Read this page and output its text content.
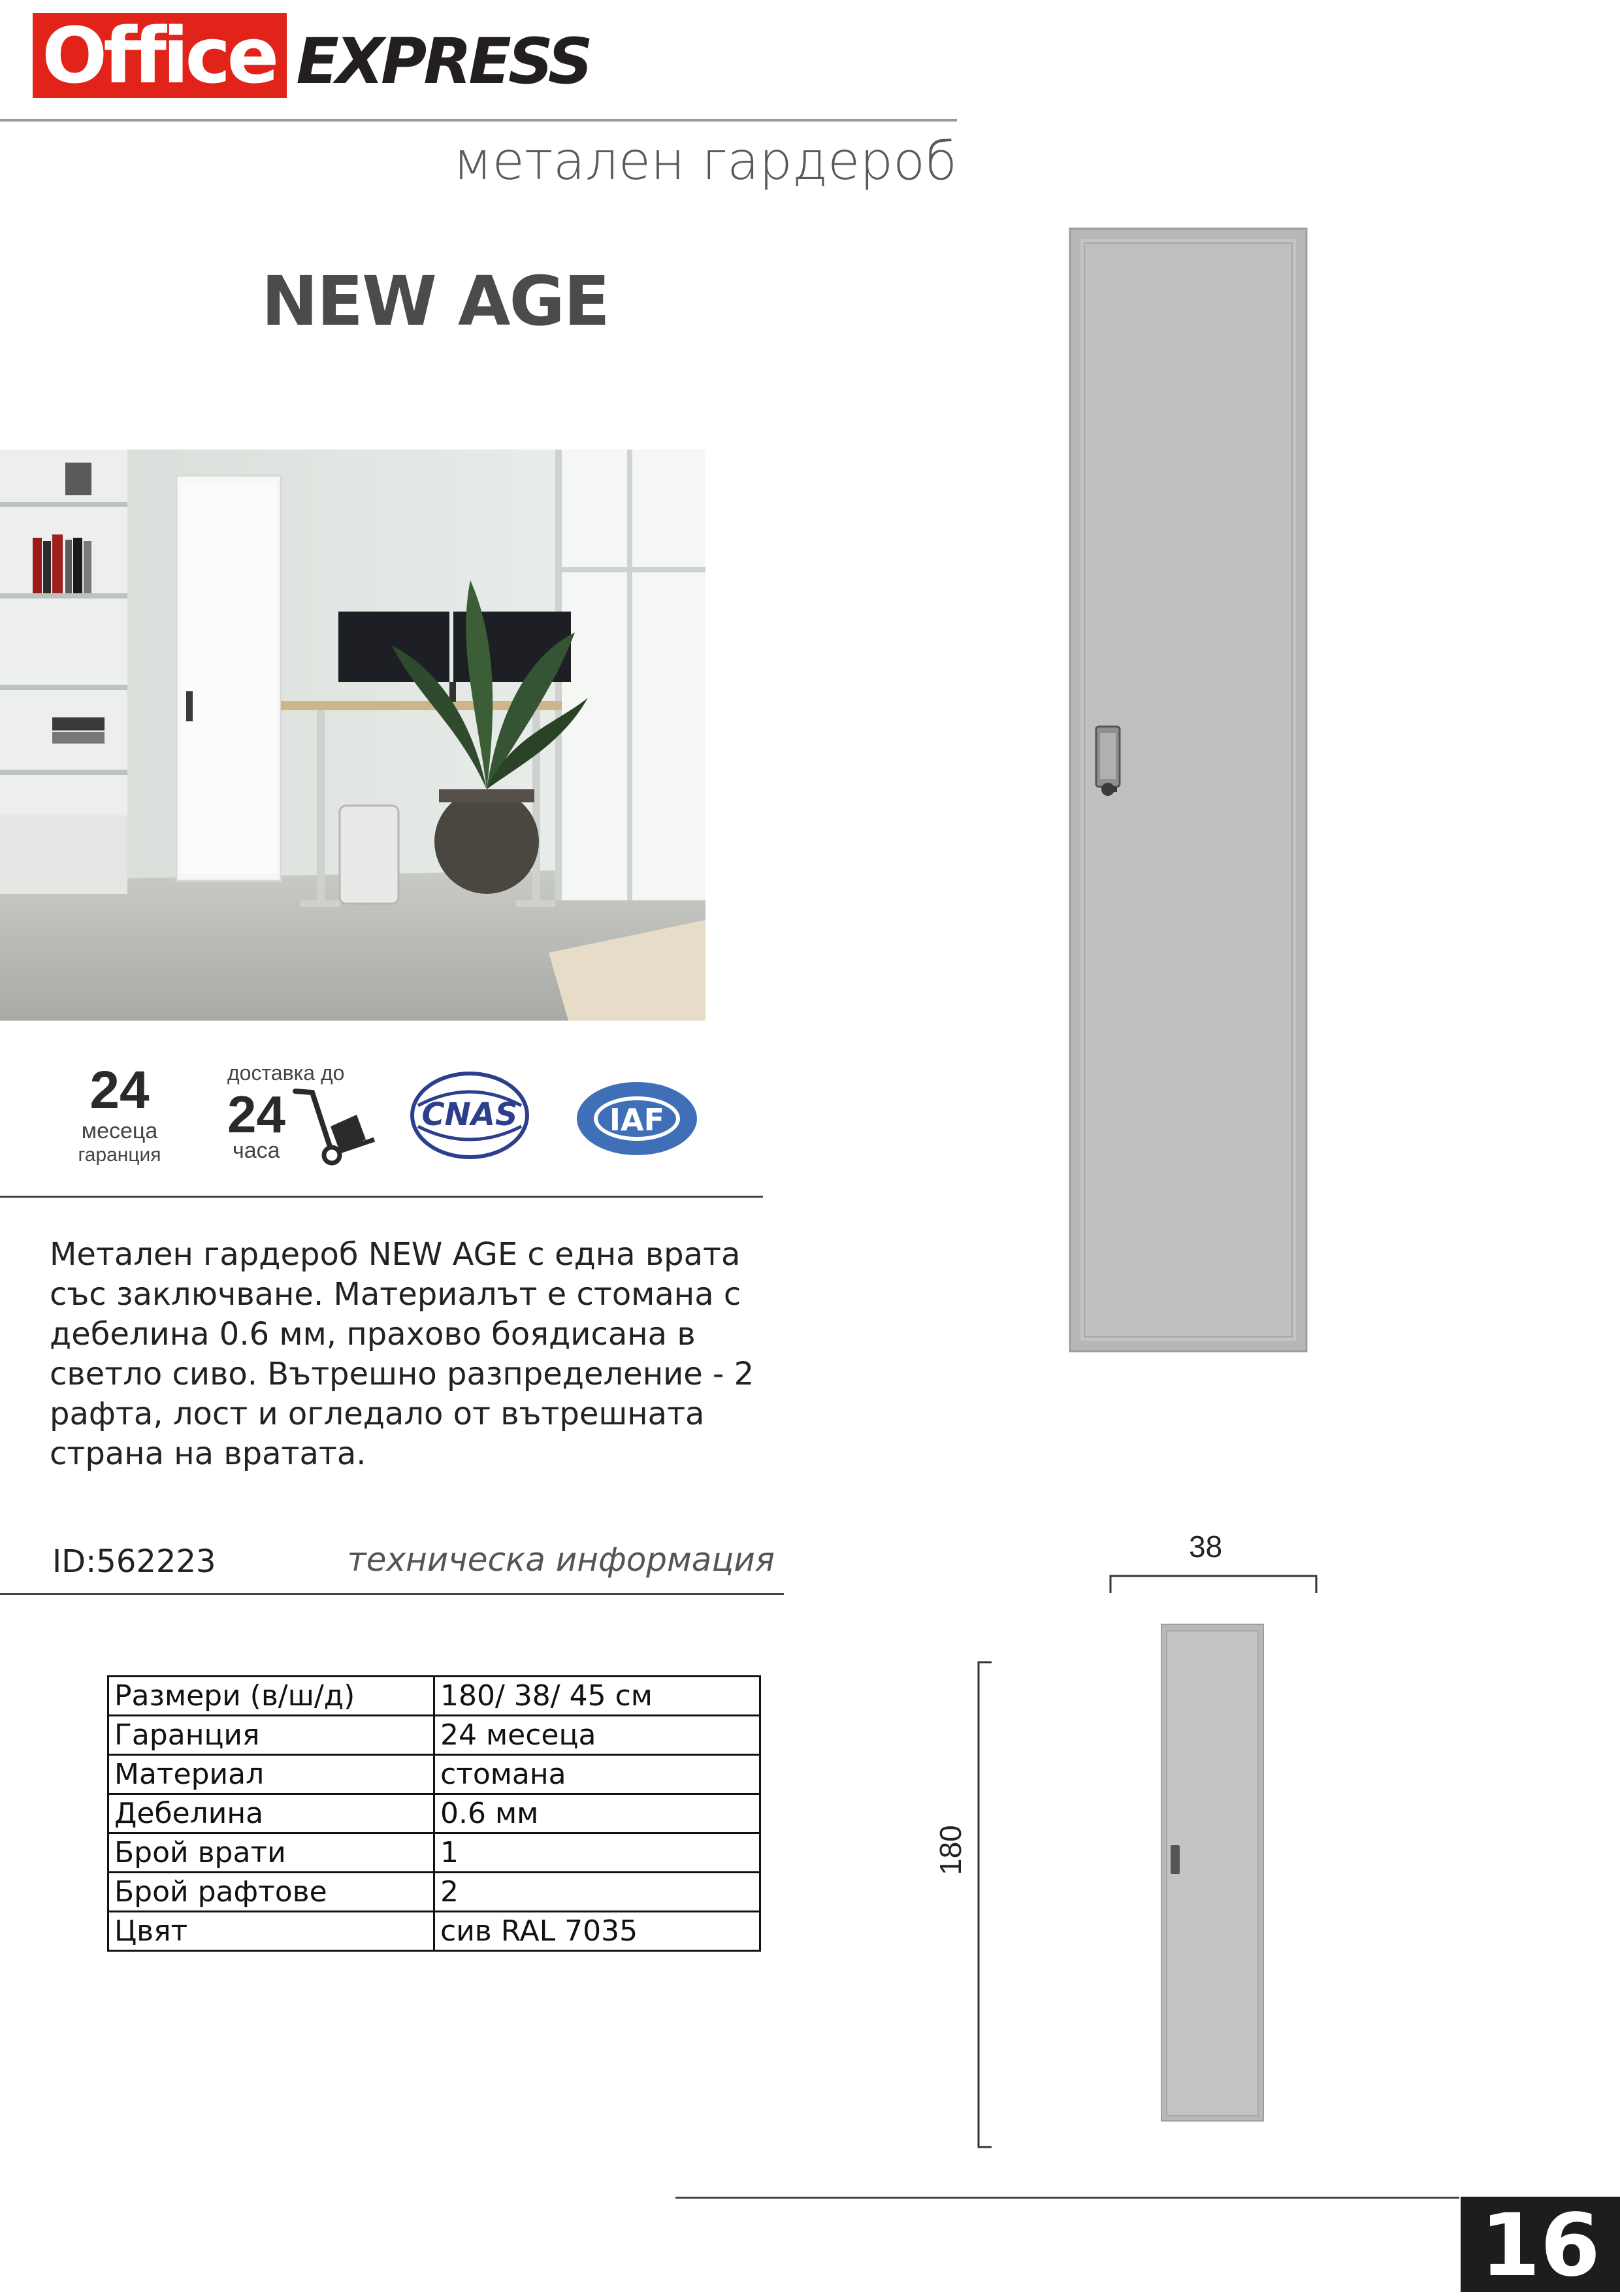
Office EXPRESS
метален гардероб
NEW AGE
24
месеца
гаранция
доставка до
24
часа
CNAS	IAF
Метален гардероб NEW AGE с една врата със заключване. Материалът е стомана с дебелина 0.6 мм, прахово боядисана в светло сиво. Вътрешно разпределение - 2 рафта, лост и огледало от вътрешната страна на вратата.
ID:562223	техническа информация
Размери (в/ш/д)	180/ 38/ 45 см
Гаранция	24 месеца
Материал	стомана
Дебелина	0.6 мм
Брой врати	1
Брой рафтове	2
Цвят	сив RAL 7035
38
180
16
